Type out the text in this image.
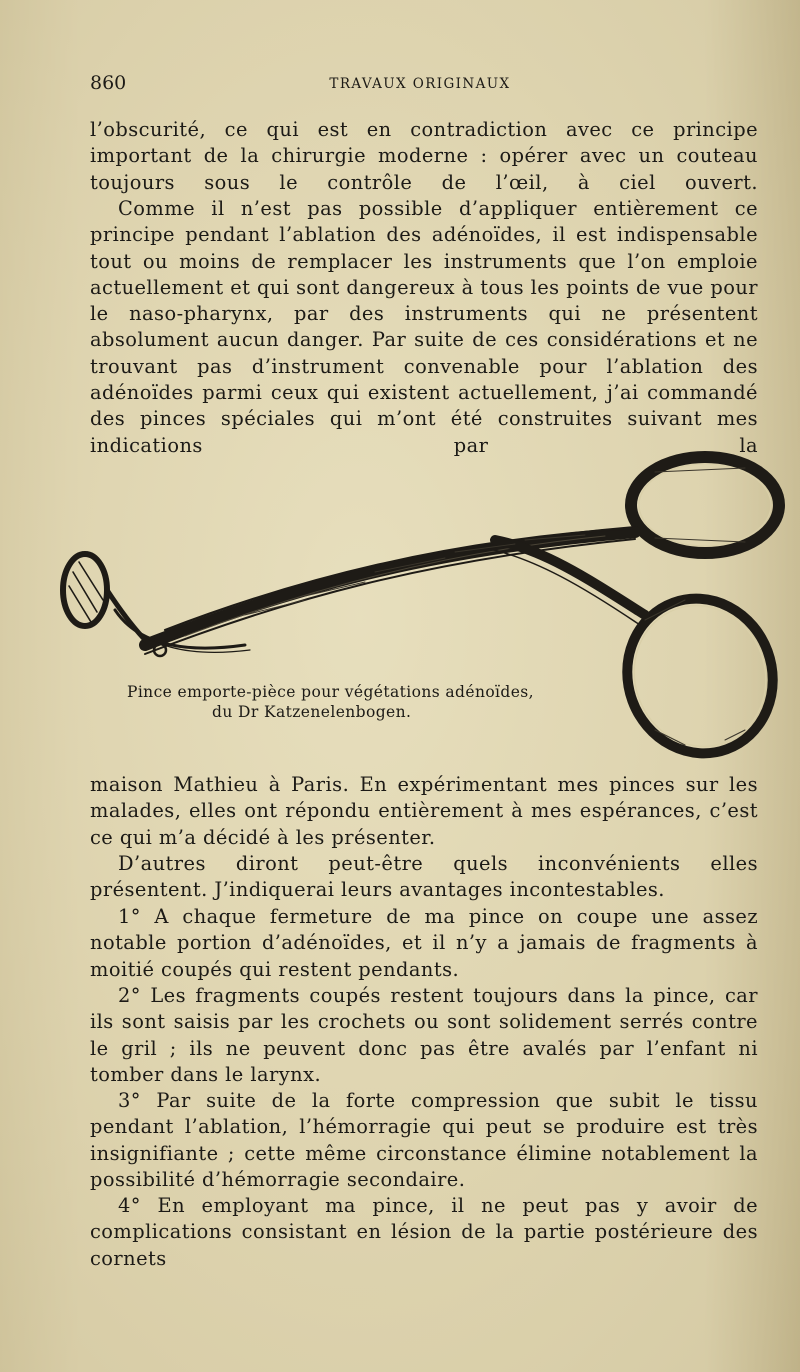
860	TRAVAUX ORIGINAUX

l’obscurité, ce qui est en contradiction avec ce principe important de la chirurgie moderne : opérer avec un couteau toujours sous le contrôle de l’œil, à ciel ouvert.

Comme il n’est pas possible d’appliquer entièrement ce principe pendant l’ablation des adénoïdes, il est indispensable tout ou moins de remplacer les instruments que l’on emploie actuellement et qui sont dangereux à tous les points de vue pour le naso-pharynx, par des instruments qui ne présentent absolument aucun danger. Par suite de ces considérations et ne trouvant pas d’instrument convenable pour l’ablation des adénoïdes parmi ceux qui existent actuellement, j’ai commandé des pinces spéciales qui m’ont été construites suivant mes indications par la

Pince emporte-pièce pour végétations adénoïdes,
du Dr Katzenelenbogen.

maison Mathieu à Paris. En expérimentant mes pinces sur les malades, elles ont répondu entièrement à mes espérances, c’est ce qui m’a décidé à les présenter.

D’autres diront peut-être quels inconvénients elles présentent. J’indiquerai leurs avantages incontestables.

1° A chaque fermeture de ma pince on coupe une assez notable portion d’adénoïdes, et il n’y a jamais de fragments à moitié coupés qui restent pendants.

2° Les fragments coupés restent toujours dans la pince, car ils sont saisis par les crochets ou sont solidement serrés contre le gril ; ils ne peuvent donc pas être avalés par l’enfant ni tomber dans le larynx.

3° Par suite de la forte compression que subit le tissu pendant l’ablation, l’hémorragie qui peut se produire est très insignifiante ; cette même circonstance élimine notablement la possibilité d’hémorragie secondaire.

4° En employant ma pince, il ne peut pas y avoir de complications consistant en lésion de la partie postérieure des cornets
